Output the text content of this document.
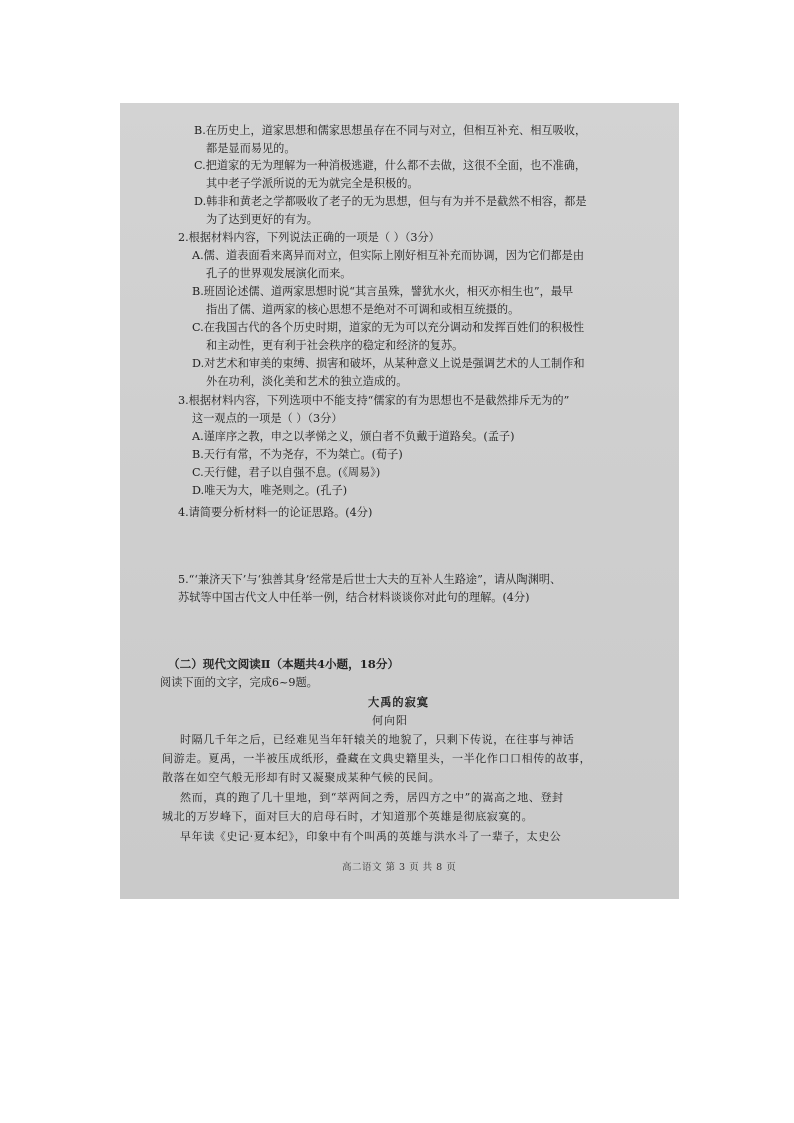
B.在历史上，道家思想和儒家思想虽存在不同与对立，但相互补充、相互吸收，
都是显而易见的。
C.把道家的无为理解为一种消极逃避，什么都不去做，这很不全面，也不准确，
其中老子学派所说的无为就完全是积极的。
D.韩非和黄老之学都吸收了老子的无为思想，但与有为并不是截然不相容，都是
为了达到更好的有为。
2.根据材料内容，下列说法正确的一项是（ ）（3分）
A.儒、道表面看来离异而对立，但实际上刚好相互补充而协调，因为它们都是由
孔子的世界观发展演化而来。
B.班固论述儒、道两家思想时说“其言虽殊，譬犹水火，相灭亦相生也”，最早
指出了儒、道两家的核心思想不是绝对不可调和或相互统摄的。
C.在我国古代的各个历史时期，道家的无为可以充分调动和发挥百姓们的积极性
和主动性，更有利于社会秩序的稳定和经济的复苏。
D.对艺术和审美的束缚、损害和破坏，从某种意义上说是强调艺术的人工制作和
外在功利，淡化美和艺术的独立造成的。
3.根据材料内容，下列选项中不能支持“儒家的有为思想也不是截然排斥无为的”
这一观点的一项是（ ）（3分）
A.谨庠序之教，申之以孝悌之义，颁白者不负戴于道路矣。(孟子)
B.天行有常，不为尧存，不为桀亡。(荀子)
C.天行健，君子以自强不息。(《周易》)
D.唯天为大，唯尧则之。(孔子)
4.请简要分析材料一的论证思路。(4分)
5.“‘兼济天下’与‘独善其身’经常是后世士大夫的互补人生路途”，请从陶渊明、
苏轼等中国古代文人中任举一例，结合材料谈谈你对此句的理解。(4分)
（二）现代文阅读Ⅱ（本题共4小题，18分）
阅读下面的文字，完成6~9题。
大禹的寂寞
何向阳
时隔几千年之后，已经难见当年轩辕关的地貌了，只剩下传说，在往事与神话
间游走。夏禹，一半被压成纸形，叠藏在文典史籍里头，一半化作口口相传的故事，
散落在如空气般无形却有时又凝聚成某种气候的民间。
然而，真的跑了几十里地，到“萃两间之秀，居四方之中”的嵩高之地、登封
城北的万岁峰下，面对巨大的启母石时，才知道那个英雄是彻底寂寞的。
早年读《史记·夏本纪》，印象中有个叫禹的英雄与洪水斗了一辈子，太史公
高二语文 第 3 页 共 8 页
